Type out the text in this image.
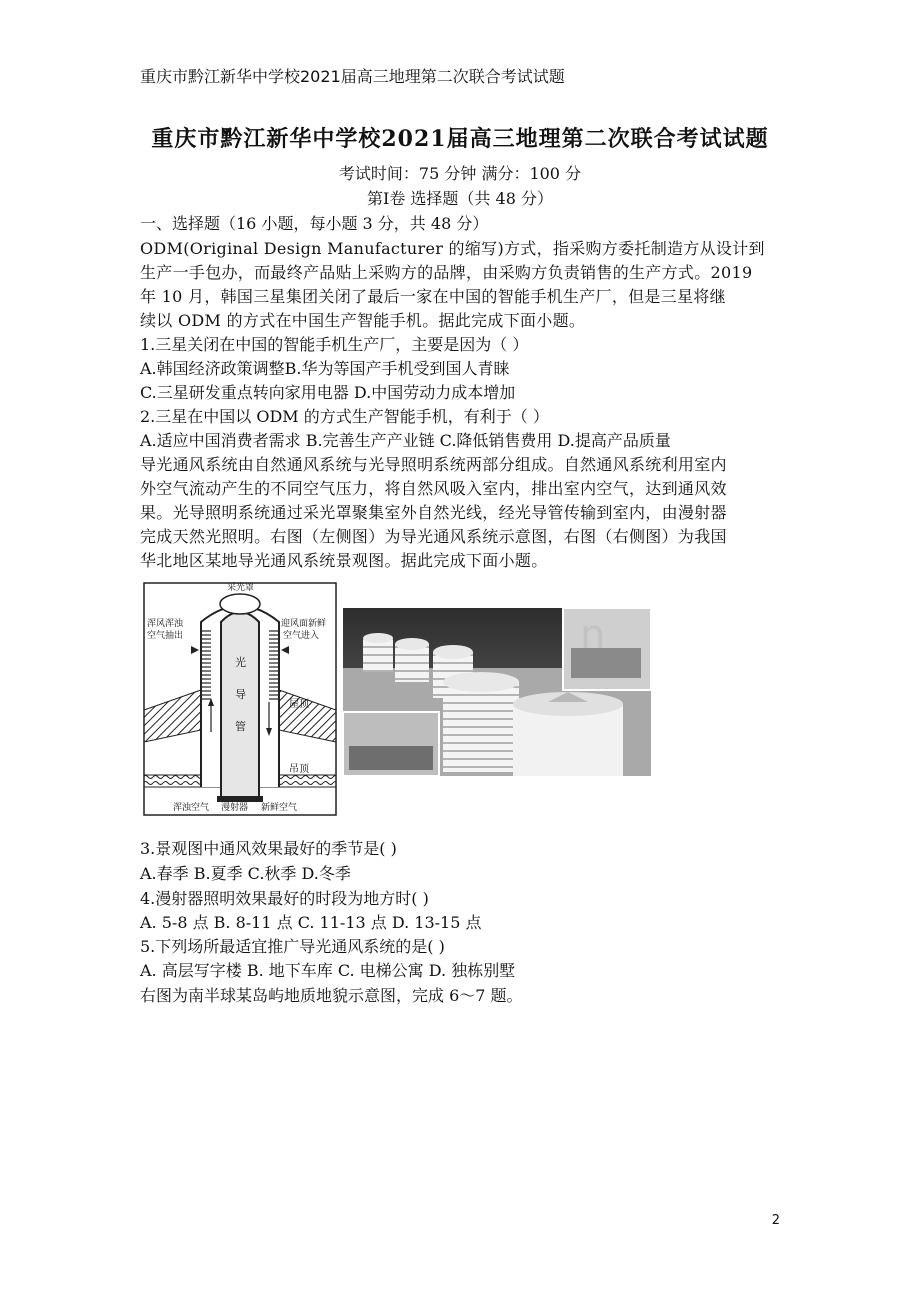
重庆市黔江新华中学校2021届高三地理第二次联合考试试题
重庆市黔江新华中学校2021届高三地理第二次联合考试试题
考试时间：75 分钟 满分：100 分
第Ⅰ卷 选择题（共 48 分）
一、选择题（16 小题，每小题 3 分，共 48 分）
ODM(Original Design Manufacturer 的缩写)方式，指采购方委托制造方从设计到
生产一手包办，而最终产品贴上采购方的品牌，由采购方负责销售的生产方式。2019
年 10 月，韩国三星集团关闭了最后一家在中国的智能手机生产厂，但是三星将继
续以 ODM 的方式在中国生产智能手机。据此完成下面小题。
1.三星关闭在中国的智能手机生产厂，主要是因为（ ）
A.韩国经济政策调整B.华为等国产手机受到国人青睐
C.三星研发重点转向家用电器 D.中国劳动力成本增加
2.三星在中国以 ODM 的方式生产智能手机，有利于（ ）
A.适应中国消费者需求 B.完善生产产业链 C.降低销售费用 D.提高产品质量
导光通风系统由自然通风系统与光导照明系统两部分组成。自然通风系统利用室内
外空气流动产生的不同空气压力，将自然风吸入室内，排出室内空气，达到通风效
果。光导照明系统通过采光罩聚集室外自然光线，经光导管传输到室内，由漫射器
完成天然光照明。右图（左侧图）为导光通风系统示意图，右图（右侧图）为我国
华北地区某地导光通风系统景观图。据此完成下面小题。
采光罩
浑风浑浊
空气抽出
迎风面新鲜
空气进入
光
导
管
屋顶
吊顶
浑浊空气 漫射器 新鲜空气
n
3.景观图中通风效果最好的季节是( )
A.春季 B.夏季 C.秋季 D.冬季
4.漫射器照明效果最好的时段为地方时( )
A. 5-8 点 B. 8-11 点 C. 11-13 点 D. 13-15 点
5.下列场所最适宜推广导光通风系统的是( )
A. 高层写字楼 B. 地下车库 C. 电梯公寓 D. 独栋别墅
右图为南半球某岛屿地质地貌示意图，完成 6～7 题。
2
